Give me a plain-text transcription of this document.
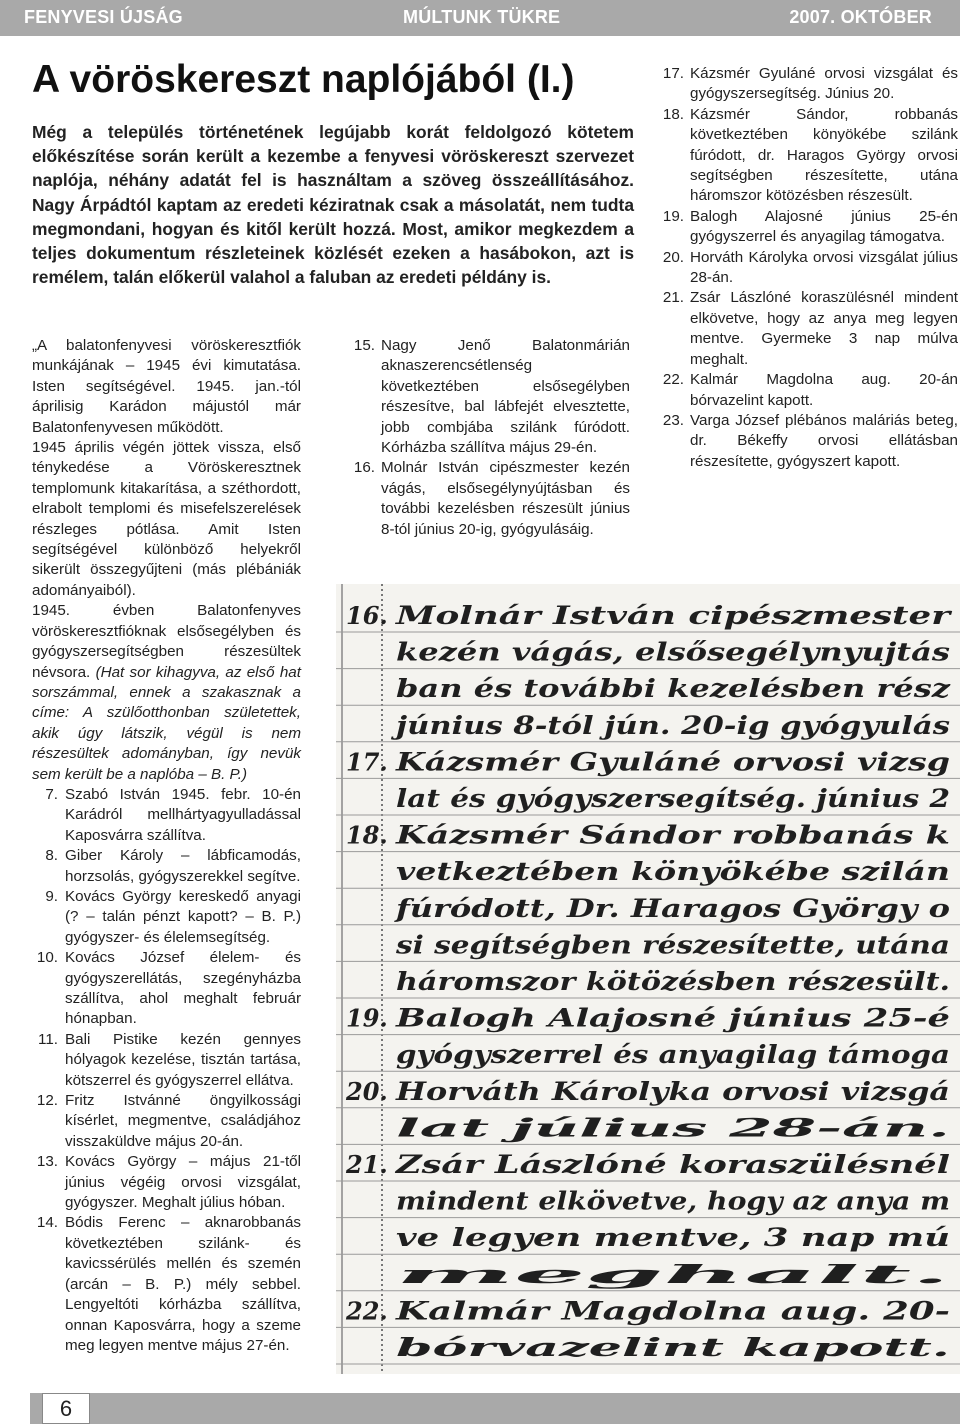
FENYVESI ÚJSÁG	MÚLTUNK TÜKRE	2007. OKTÓBER
A vöröskereszt naplójából (I.)
Még a település történetének legújabb korát feldolgozó kötetem előkészítése során került a kezembe a fenyvesi vöröskereszt szervezet naplója, néhány adatát fel is használtam a szöveg összeállításához. Nagy Árpádtól kaptam az eredeti kéziratnak csak a másolatát, nem tudta megmondani, hogyan és kitől került hozzá. Most, amikor megkezdem a teljes dokumentum részleteinek közlését ezeken a hasábokon, azt is remélem, talán előkerül valahol a faluban az eredeti példány is.

„A balatonfenyvesi vöröskeresztfiók munkájának – 1945 évi kimutatása. Isten segítségével. 1945. jan.-tól áprilisig Karádon májustól már Balatonfenyvesen működött.

1945 április végén jöttek vissza, első ténykedése a Vöröskeresztnek templomunk kitakarítása, a széthordott, elrabolt templomi és misefelszerelések részleges pótlása. Amit Isten segítségével különböző helyekről sikerült összegyűjteni (más plébániák adományaiból).

1945. évben Balatonfenyves vöröskeresztfióknak elsősegélyben és gyógyszersegítségben részesültek névsora. (Hat sor kihagyva, az első hat sorszámmal, ennek a szakasznak a címe: A szülőotthonban születettek, akik úgy látszik, végül is nem részesültek adományban, így nevük sem került be a naplóba – B. P.)

7. Szabó István 1945. febr. 10-én Karádról mellhártyagyulladással Kaposvárra szállítva.
8. Giber Károly – lábficamodás, horzsolás, gyógyszerekkel segítve.
9. Kovács György kereskedő anyagi (? – talán pénzt kapott? – B. P.) gyógyszer- és élelemsegítség.
10. Kovács József élelem- és gyógyszerellátás, szegényházba szállítva, ahol meghalt február hónapban.
11. Bali Pistike kezén gennyes hólyagok kezelése, tisztán tartása, kötszerrel és gyógyszerrel ellátva.
12. Fritz Istvánné öngyilkossági kísérlet, megmentve, családjához visszaküldve május 20-án.
13. Kovács György – május 21-től június végéig orvosi vizsgálat, gyógyszer. Meghalt július hóban.
14. Bódis Ferenc – aknarobbanás következtében szilánk- és kavicssérülés mellén és szemén (arcán – B. P.) mély sebbel. Lengyeltóti kórházba szállítva, onnan Kaposvárra, hogy a szeme meg legyen mentve május 27-én.
15. Nagy Jenő Balatonmárián aknaszerencsétlenség következtében elsősegélyben részesítve, bal lábfejét elvesztette, jobb combjába szilánk fúródott. Kórházba szállítva május 29-én.
16. Molnár István cipészmester kezén vágás, elsősegélynyújtásban és további kezelésben részesült június 8-tól június 20-ig, gyógyulásáig.
17. Kázsmér Gyuláné orvosi vizsgálat és gyógyszersegítség. Június 20.
18. Kázsmér Sándor, robbanás következtében könyökébe szilánk fúródott, dr. Haragos György orvosi segítségben részesítette, utána háromszor kötözésben részesült.
19. Balogh Alajosné június 25-én gyógyszerrel és anyagilag támogatva.
20. Horváth Károlyka orvosi vizsgálat július 28-án.
21. Zsár Lászlóné koraszülésnél mindent elkövetve, hogy az anya meg legyen mentve. Gyermeke 3 nap múlva meghalt.
22. Kalmár Magdolna aug. 20-án bórvazelint kapott.
23. Varga József plébános maláriás beteg, dr. Békeffy orvosi ellátásban részesítette, gyógyszert kapott.
16. Molnár István cipészmester
kezén vágás, elsősegélynyujtás
ban és további kezelésben rész
június 8-tól jún. 20-ig gyógyulás
17. Kázsmér Gyuláné orvosi vizsg
lat és gyógyszersegítség. június 2
18. Kázsmér Sándor robbanás k
vetkeztében könyökébe szilán
fúródott, Dr. Haragos György o
si segítségben részesítette, utána
háromszor kötözésben részesült.
19. Balogh Alajosné június 25-é
gyógyszerrel és anyagilag támoga
20. Horváth Károlyka orvosi vizsgá
lat július 28-án.
21. Zsár Lászlóné koraszülésnél
mindent elkövetve, hogy az anya m
ve legyen mentve, 3 nap mú
meghalt.
22. Kalmár Magdolna aug. 20-
bórvazelint kapott.
6
